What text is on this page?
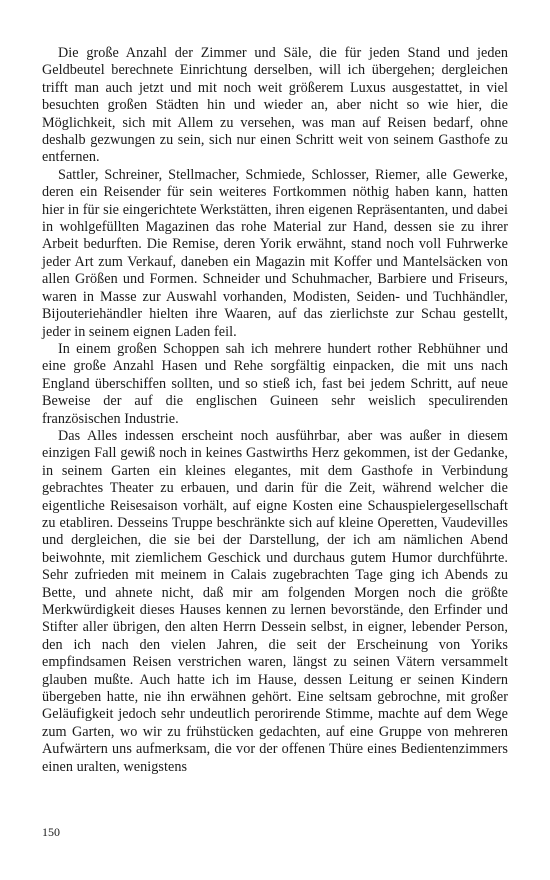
Die große Anzahl der Zimmer und Säle, die für jeden Stand und jeden Geldbeutel berechnete Einrichtung derselben, will ich übergehen; dergleichen trifft man auch jetzt und mit noch weit größerem Luxus ausgestattet, in viel besuchten großen Städten hin und wieder an, aber nicht so wie hier, die Möglichkeit, sich mit Allem zu versehen, was man auf Reisen bedarf, ohne deshalb gezwungen zu sein, sich nur einen Schritt weit von seinem Gasthofe zu entfernen.

Sattler, Schreiner, Stellmacher, Schmiede, Schlosser, Riemer, alle Gewerke, deren ein Reisender für sein weiteres Fortkommen nöthig haben kann, hatten hier in für sie eingerichtete Werkstätten, ihren eigenen Repräsentanten, und dabei in wohlgefüllten Magazinen das rohe Material zur Hand, dessen sie zu ihrer Arbeit bedurften. Die Remise, deren Yorik erwähnt, stand noch voll Fuhrwerke jeder Art zum Verkauf, daneben ein Magazin mit Koffer und Mantelsäcken von allen Größen und Formen. Schneider und Schuhmacher, Barbiere und Friseurs, waren in Masse zur Auswahl vorhanden, Modisten, Seiden- und Tuchhändler, Bijouteriehändler hielten ihre Waaren, auf das zierlichste zur Schau gestellt, jeder in seinem eignen Laden feil.

In einem großen Schoppen sah ich mehrere hundert rother Rebhühner und eine große Anzahl Hasen und Rehe sorgfältig einpacken, die mit uns nach England überschiffen sollten, und so stieß ich, fast bei jedem Schritt, auf neue Beweise der auf die englischen Guineen sehr weislich speculirenden französischen Industrie.

Das Alles indessen erscheint noch ausführbar, aber was außer in diesem einzigen Fall gewiß noch in keines Gastwirths Herz gekommen, ist der Gedanke, in seinem Garten ein kleines elegantes, mit dem Gasthofe in Verbindung gebrachtes Theater zu erbauen, und darin für die Zeit, während welcher die eigentliche Reisesaison vorhält, auf eigne Kosten eine Schauspielergesellschaft zu etabliren. Desseins Truppe beschränkte sich auf kleine Operetten, Vaudevilles und dergleichen, die sie bei der Darstellung, der ich am nämlichen Abend beiwohnte, mit ziemlichem Geschick und durchaus gutem Humor durchführte. Sehr zufrieden mit meinem in Calais zugebrachten Tage ging ich Abends zu Bette, und ahnete nicht, daß mir am folgenden Morgen noch die größte Merkwürdigkeit dieses Hauses kennen zu lernen bevorstände, den Erfinder und Stifter aller übrigen, den alten Herrn Dessein selbst, in eigner, lebender Person, den ich nach den vielen Jahren, die seit der Erscheinung von Yoriks empfindsamen Reisen verstrichen waren, längst zu seinen Vätern versammelt glauben mußte. Auch hatte ich im Hause, dessen Leitung er seinen Kindern übergeben hatte, nie ihn erwähnen gehört. Eine seltsam gebrochne, mit großer Geläufigkeit jedoch sehr undeutlich perorirende Stimme, machte auf dem Wege zum Garten, wo wir zu frühstücken gedachten, auf eine Gruppe von mehreren Aufwärtern uns aufmerksam, die vor der offenen Thüre eines Bedientenzimmers einen uralten, wenigstens

150
